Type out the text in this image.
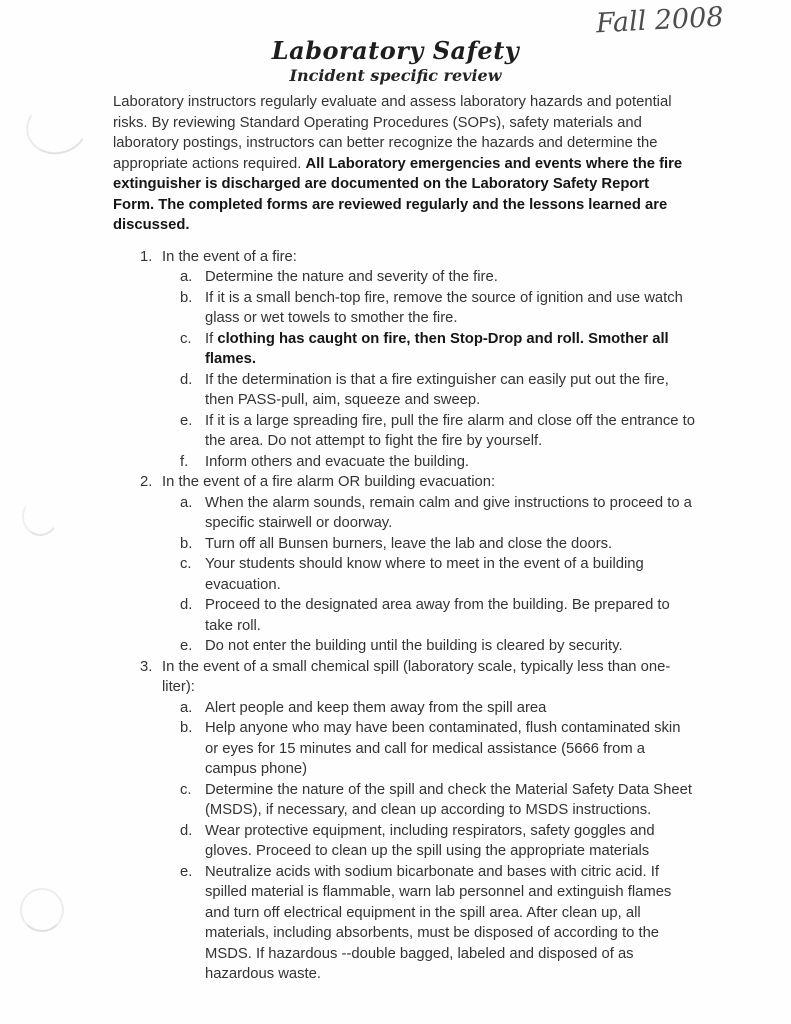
Fall 2008
Laboratory Safety
Incident specific review

Laboratory instructors regularly evaluate and assess laboratory hazards and potential risks. By reviewing Standard Operating Procedures (SOPs), safety materials and laboratory postings, instructors can better recognize the hazards and determine the appropriate actions required. All Laboratory emergencies and events where the fire extinguisher is discharged are documented on the Laboratory Safety Report Form. The completed forms are reviewed regularly and the lessons learned are discussed.

1. In the event of a fire:
a. Determine the nature and severity of the fire.
b. If it is a small bench-top fire, remove the source of ignition and use watch glass or wet towels to smother the fire.
c. If clothing has caught on fire, then Stop-Drop and roll. Smother all flames.
d. If the determination is that a fire extinguisher can easily put out the fire, then PASS-pull, aim, squeeze and sweep.
e. If it is a large spreading fire, pull the fire alarm and close off the entrance to the area. Do not attempt to fight the fire by yourself.
f.	Inform others and evacuate the building.
2. In the event of a fire alarm OR building evacuation:
a. When the alarm sounds, remain calm and give instructions to proceed to a specific stairwell or doorway.
b. Turn off all Bunsen burners, leave the lab and close the doors.
c. Your students should know where to meet in the event of a building evacuation.
d. Proceed to the designated area away from the building. Be prepared to take roll.
e. Do not enter the building until the building is cleared by security.
3. In the event of a small chemical spill (laboratory scale, typically less than one-liter):
a. Alert people and keep them away from the spill area
b. Help anyone who may have been contaminated, flush contaminated skin or eyes for 15 minutes and call for medical assistance (5666 from a campus phone)
c. Determine the nature of the spill and check the Material Safety Data Sheet (MSDS), if necessary, and clean up according to MSDS instructions.
d. Wear protective equipment, including respirators, safety goggles and gloves. Proceed to clean up the spill using the appropriate materials
e. Neutralize acids with sodium bicarbonate and bases with citric acid. If spilled material is flammable, warn lab personnel and extinguish flames and turn off electrical equipment in the spill area. After clean up, all materials, including absorbents, must be disposed of according to the MSDS. If hazardous --double bagged, labeled and disposed of as hazardous waste.
